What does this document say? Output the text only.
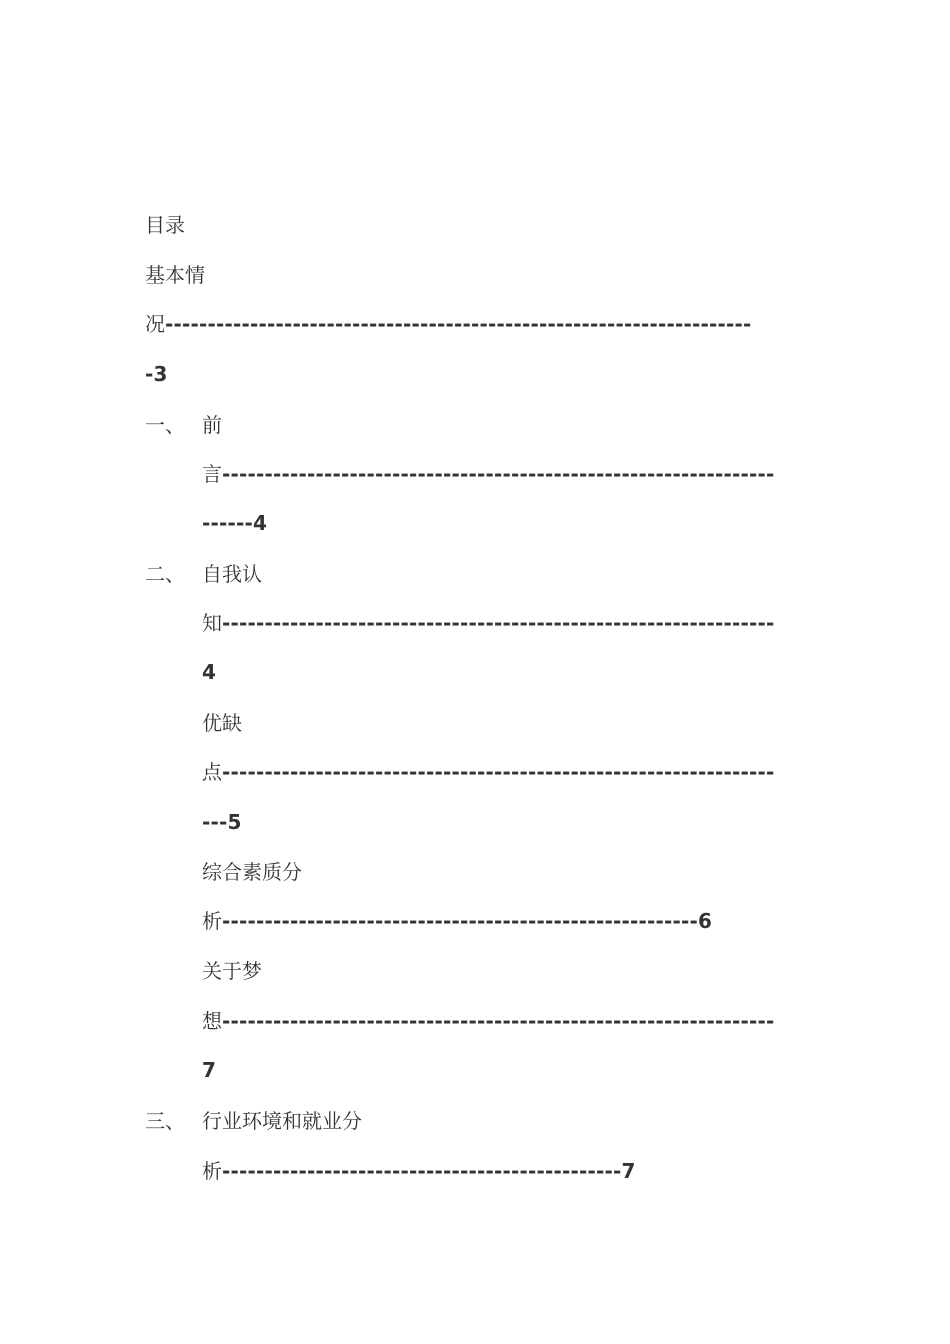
目录
基本情
况---------------------------------------------------------------------
-3
一、 前
言-----------------------------------------------------------------
------4
二、 自我认
知-----------------------------------------------------------------
4
优缺
点-----------------------------------------------------------------
---5
综合素质分
析--------------------------------------------------------6
关于梦
想-----------------------------------------------------------------
7
三、 行业环境和就业分
析-----------------------------------------------7
